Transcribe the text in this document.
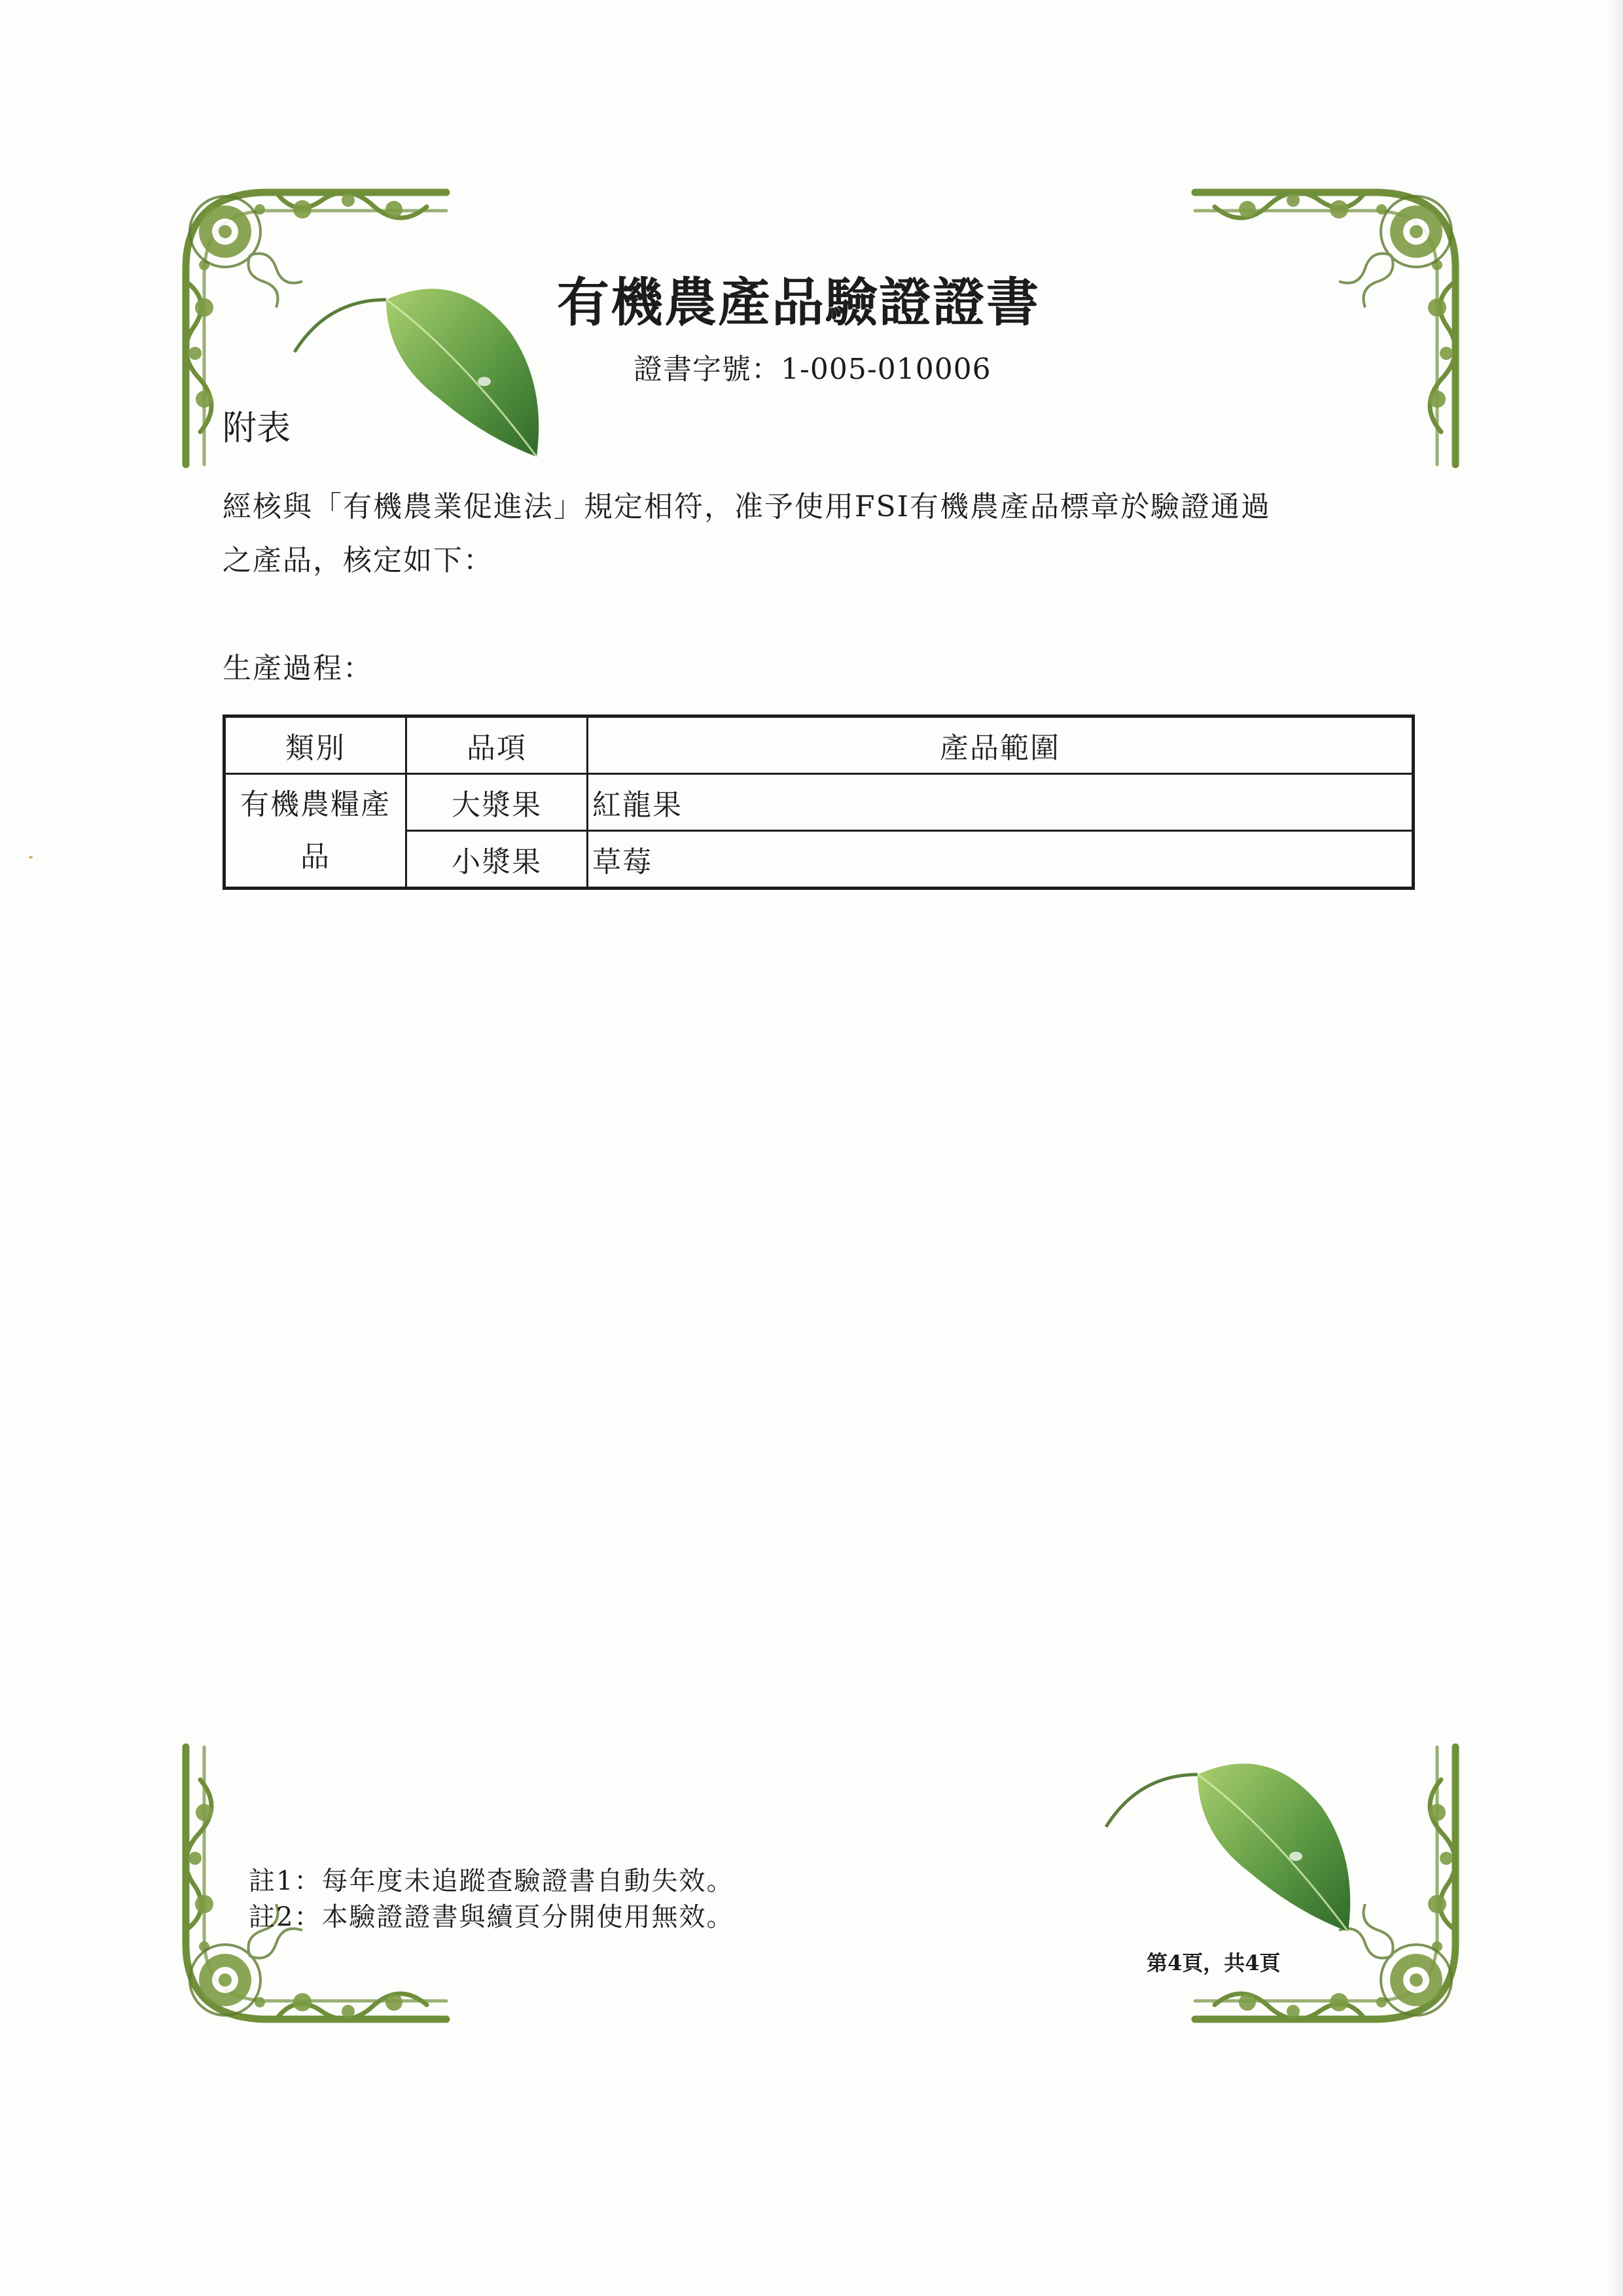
有機農產品驗證證書
證書字號：1-005-010006
附表
經核與「有機農業促進法」規定相符，准予使用FSI有機農產品標章於驗證通過
之產品，核定如下：
生產過程：
類別	品項	產品範圍

有機農糧產
品	大漿果	紅龍果
	小漿果	草莓
註1：每年度未追蹤查驗證書自動失效。
註2：本驗證證書與續頁分開使用無效。
第4頁，共4頁
